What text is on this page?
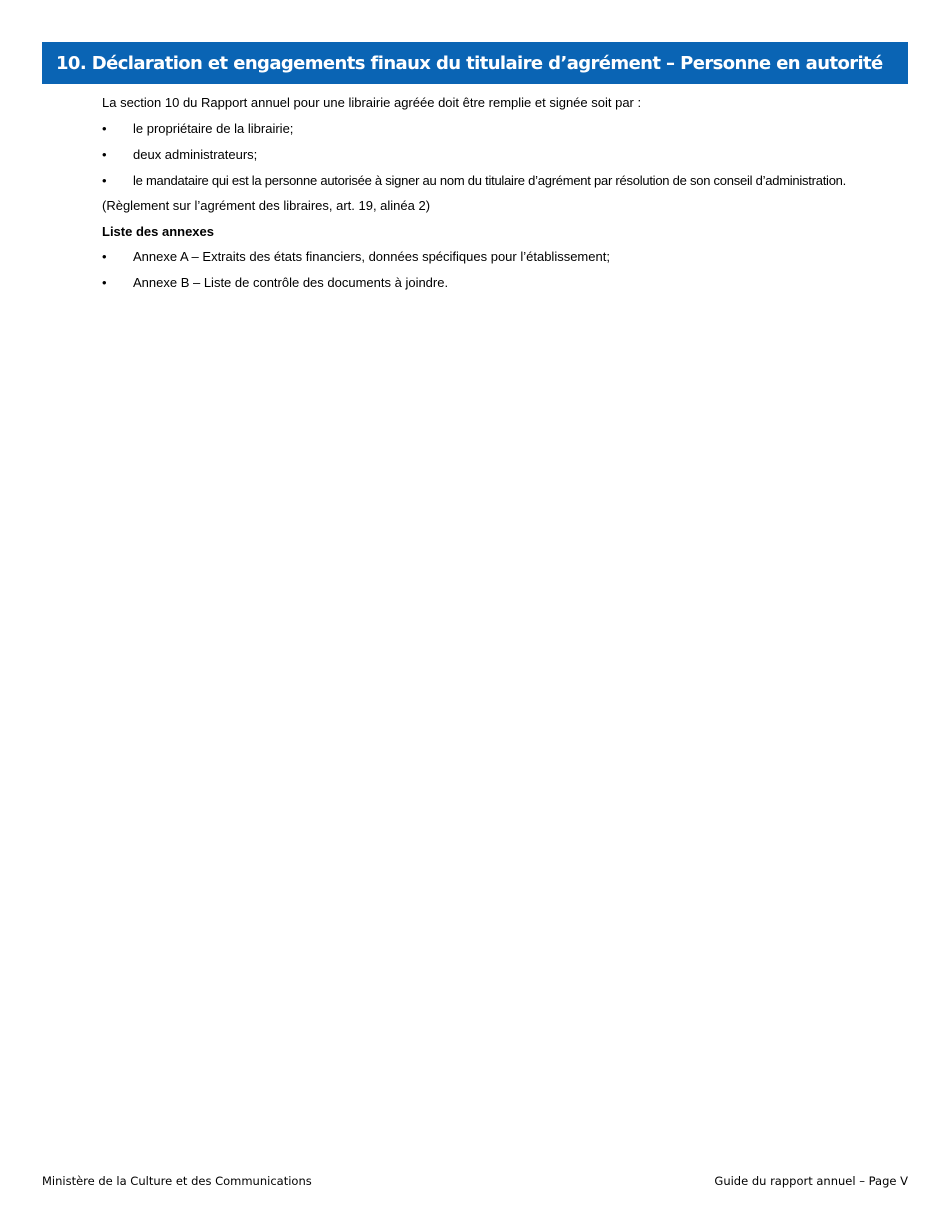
10. Déclaration et engagements finaux du titulaire d’agrément – Personne en autorité
La section 10 du Rapport annuel pour une librairie agréée doit être remplie et signée soit par :
•	le propriétaire de la librairie;
•	deux administrateurs;
•	le mandataire qui est la personne autorisée à signer au nom du titulaire d’agrément par résolution de son conseil d’administration.
(Règlement sur l’agrément des libraires, art. 19, alinéa 2)
Liste des annexes
•	Annexe A – Extraits des états financiers, données spécifiques pour l’établissement;
•	Annexe B – Liste de contrôle des documents à joindre.
Ministère de la Culture et des Communications	Guide du rapport annuel – Page V
